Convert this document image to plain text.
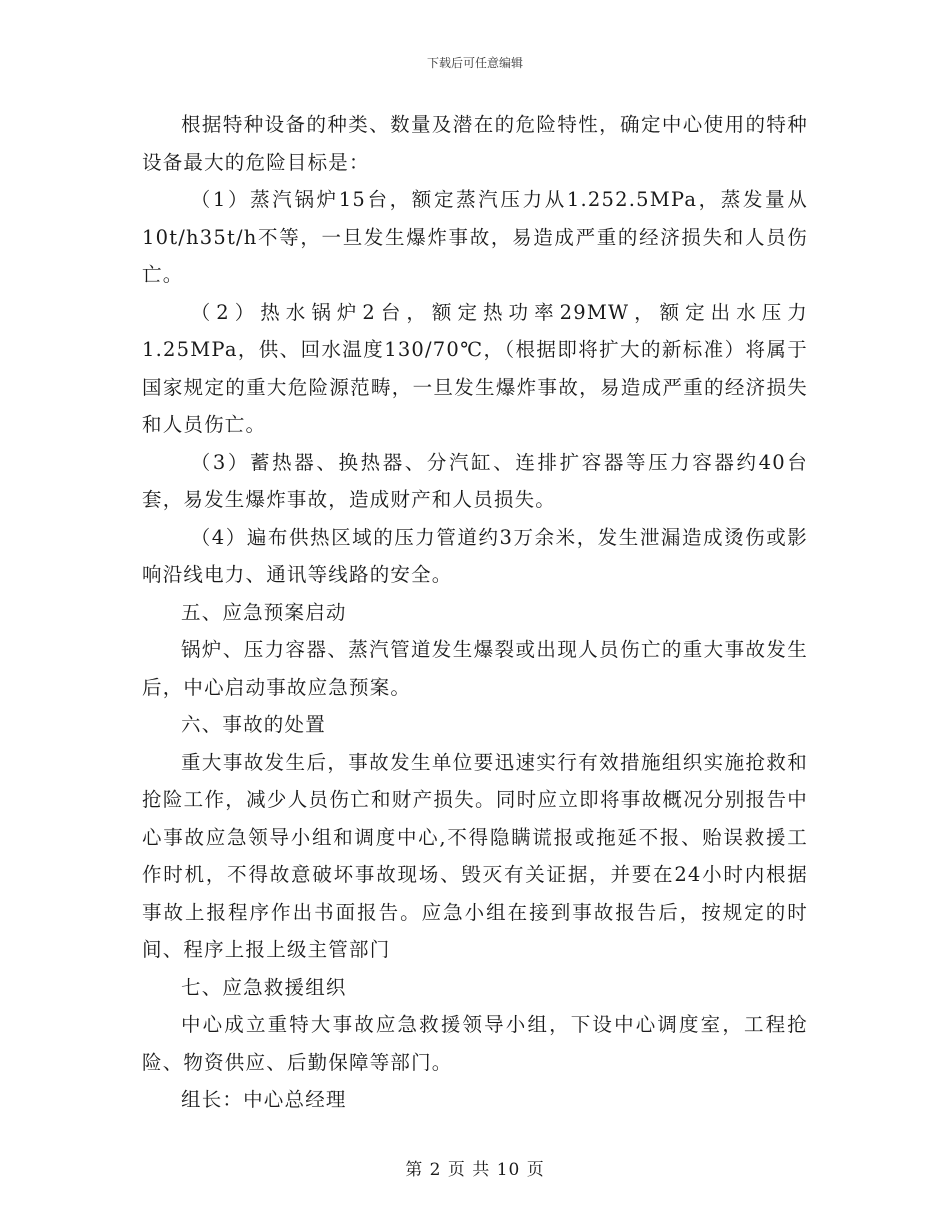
下载后可任意编辑

根据特种设备的种类、数量及潜在的危险特性，确定中心使用的特种设备最大的危险目标是：

（1）蒸汽锅炉15台，额定蒸汽压力从1.252.5MPa，蒸发量从10t/h35t/h不等，一旦发生爆炸事故，易造成严重的经济损失和人员伤亡。

（2）热水锅炉2台，额定热功率29MW，额定出水压力1.25MPa，供、回水温度130/70℃，（根据即将扩大的新标准）将属于国家规定的重大危险源范畴，一旦发生爆炸事故，易造成严重的经济损失和人员伤亡。

（3）蓄热器、换热器、分汽缸、连排扩容器等压力容器约40台套，易发生爆炸事故，造成财产和人员损失。

（4）遍布供热区域的压力管道约3万余米，发生泄漏造成烫伤或影响沿线电力、通讯等线路的安全。

五、应急预案启动

锅炉、压力容器、蒸汽管道发生爆裂或出现人员伤亡的重大事故发生后，中心启动事故应急预案。

六、事故的处置

重大事故发生后，事故发生单位要迅速实行有效措施组织实施抢救和抢险工作，减少人员伤亡和财产损失。同时应立即将事故概况分别报告中心事故应急领导小组和调度中心,不得隐瞒谎报或拖延不报、贻误救援工作时机，不得故意破坏事故现场、毁灭有关证据，并要在24小时内根据事故上报程序作出书面报告。应急小组在接到事故报告后，按规定的时间、程序上报上级主管部门

七、应急救援组织

中心成立重特大事故应急救援领导小组，下设中心调度室，工程抢险、物资供应、后勤保障等部门。

组长：中心总经理

第 2 页 共 10 页
